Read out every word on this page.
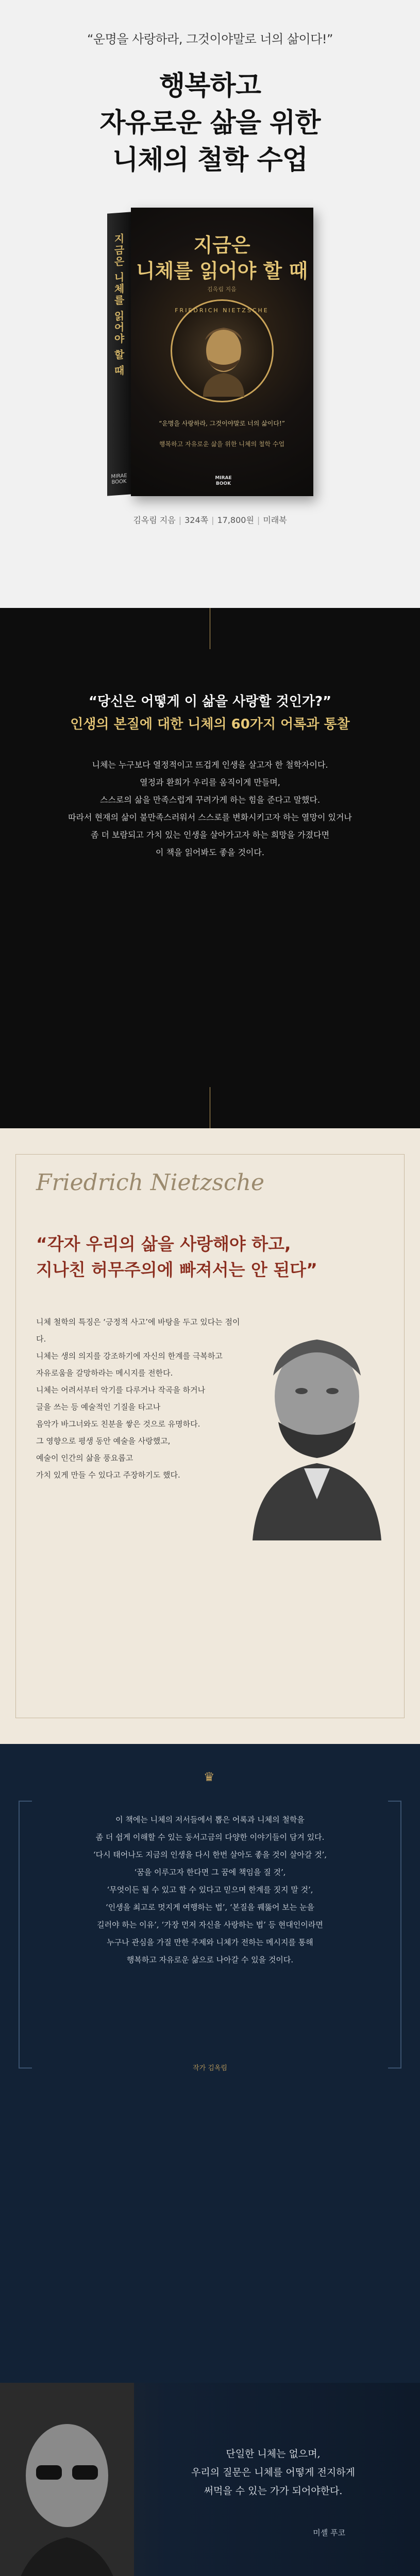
“운명을 사랑하라, 그것이야말로 너의 삶이다!”
행복하고
자유로운 삶을 위한
니체의 철학 수업
지금은 니체를 읽어야 할 때
MIRAE BOOK
지금은
니체를 읽어야 할 때
김옥림 지음
FRIEDRICH NIETZSCHE
“운명을 사랑하라, 그것이야말로 너의 삶이다!”
행복하고 자유로운 삶을 위한 니체의 철학 수업
MIRAE BOOK
김옥림 지음 | 324쪽 | 17,800원 | 미래북
“당신은 어떻게 이 삶을 사랑할 것인가?”
인생의 본질에 대한 니체의 60가지 어록과 통찰
니체는 누구보다 열정적이고 뜨겁게 인생을 살고자 한 철학자이다.
열정과 환희가 우리를 움직이게 만들며,
스스로의 삶을 만족스럽게 꾸려가게 하는 힘을 준다고 말했다.
따라서 현재의 삶이 불만족스러워서 스스로를 변화시키고자 하는 열망이 있거나
좀 더 보람되고 가치 있는 인생을 살아가고자 하는 희망을 가졌다면
이 책을 읽어봐도 좋을 것이다.
Friedrich Nietzsche
“각자 우리의 삶을 사랑해야 하고,
지나친 허무주의에 빠져서는 안 된다”
니체 철학의 특징은 ‘긍정적 사고’에 바탕을 두고 있다는 점이다.
니체는 생의 의지를 강조하기에 자신의 한계를 극복하고
자유로움을 갈망하라는 메시지를 전한다.
니체는 어려서부터 악기를 다루거나 작곡을 하거나
글을 쓰는 등 예술적인 기질을 타고나
음악가 바그너와도 친분을 쌓은 것으로 유명하다.
그 영향으로 평생 동안 예술을 사랑했고,
예술이 인간의 삶을 풍요롭고
가치 있게 만들 수 있다고 주장하기도 했다.
♛
이 책에는 니체의 저서들에서 뽑은 어록과 니체의 철학을
좀 더 쉽게 이해할 수 있는 동서고금의 다양한 이야기들이 담겨 있다.
‘다시 태어나도 지금의 인생을 다시 한번 살아도 좋을 것이 살아갈 것’,
‘꿈을 이루고자 한다면 그 꿈에 책임을 질 것’,
‘무엇이든 될 수 있고 할 수 있다고 믿으며 한계를 짓지 말 것’,
‘인생을 최고로 멋지게 여행하는 법’, ‘본질을 꿰뚫어 보는 눈을
길러야 하는 이유’, ‘가장 먼저 자신을 사랑하는 법’ 등 현대인이라면
누구나 관심을 가질 만한 주제와 니체가 전하는 메시지를 통해
행복하고 자유로운 삶으로 나아갈 수 있을 것이다.
작가 김옥림
단일한 니체는 없으며,
우리의 질문은 니체를 어떻게 전지하게
써먹을 수 있는 가가 되어야한다.
미셸 푸코
